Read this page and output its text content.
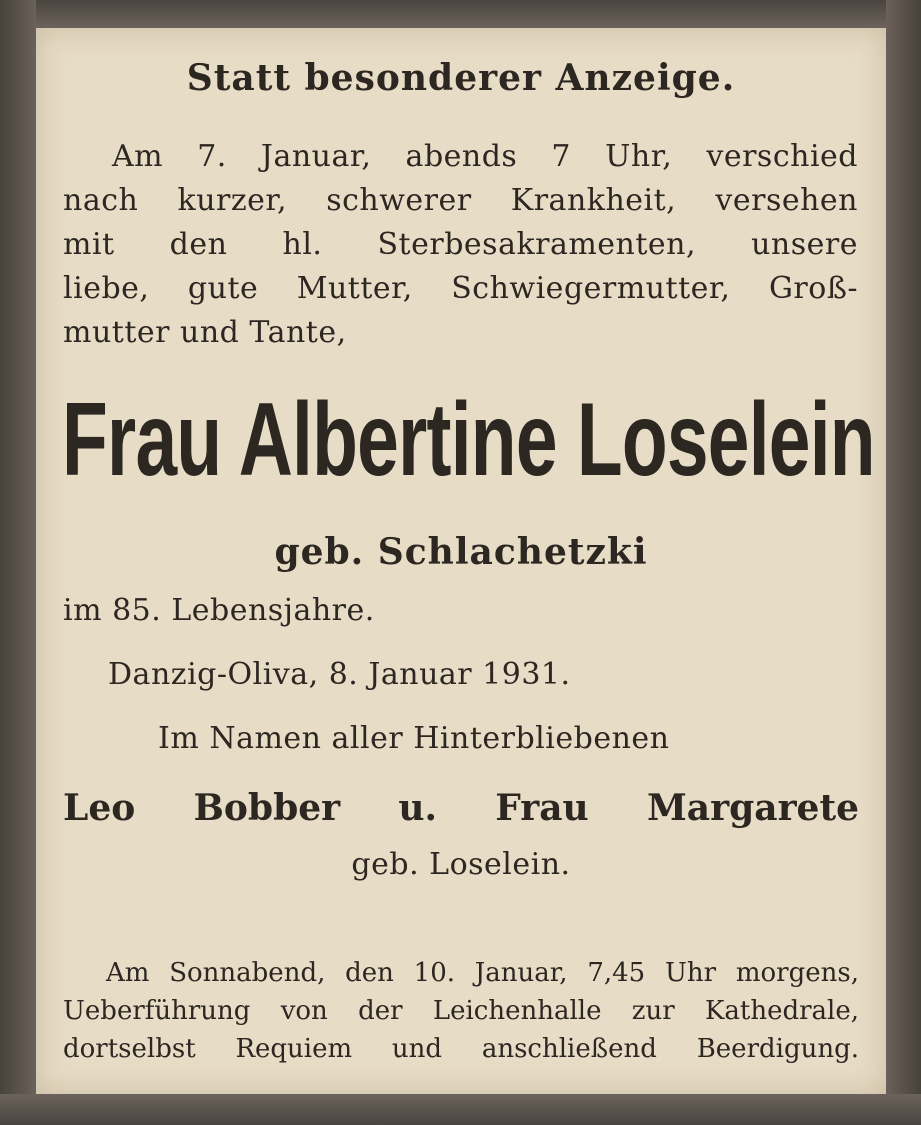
Statt besonderer Anzeige.

Am 7. Januar, abends 7 Uhr, verschied

nach kurzer, schwerer Krankheit, versehen

mit den hl. Sterbesakramenten, unsere

liebe, gute Mutter, Schwiegermutter, Groß-

mutter und Tante,

Frau Albertine Loselein

geb. Schlachetzki

im 85. Lebensjahre.

Danzig-Oliva, 8. Januar 1931.

Im Namen aller Hinterbliebenen

Leo Bobber u. Frau Margarete

geb. Loselein.

Am Sonnabend, den 10. Januar, 7,45 Uhr morgens,

Ueberführung von der Leichenhalle zur Kathedrale,

dortselbst Requiem und anschließend Beerdigung.
